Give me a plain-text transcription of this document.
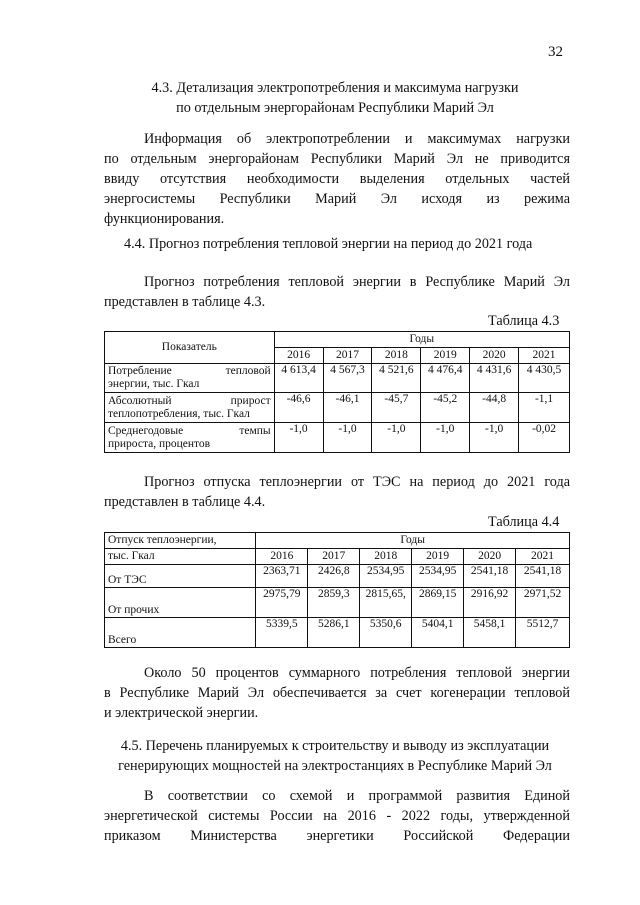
32
4.3. Детализация электропотребления и максимума нагрузки
по отдельным энергорайонам Республики Марий Эл
Информация об электропотреблении и максимумах нагрузки
по отдельным энергорайонам Республики Марий Эл не приводится
ввиду отсутствия необходимости выделения отдельных частей
энергосистемы Республики Марий Эл исходя из режима
функционирования.
4.4. Прогноз потребления тепловой энергии на период до 2021 года
Прогноз потребления тепловой энергии в Республике Марий Эл
представлен в таблице 4.3.
Таблица 4.3
Показатель	Годы					
	2016	2017	2018	2019	2020	2021

Потребление тепловой
энергии, тыс. Гкал	4 613,4	4 567,3	4 521,6	4 476,4	4 431,6	4 430,5

Абсолютный прирост
теплопотребления, тыс. Гкал	-46,6	-46,1	-45,7	-45,2	-44,8	-1,1

Среднегодовые темпы
прироста, процентов	-1,0	-1,0	-1,0	-1,0	-1,0	-0,02
Прогноз отпуска теплоэнергии от ТЭС на период до 2021 года
представлен в таблице 4.4.
Таблица 4.4
Отпуск теплоэнергии,	Годы					
тыс. Гкал	2016	2017	2018	2019	2020	2021
От ТЭС	2363,71	2426,8	2534,95	2534,95	2541,18	2541,18
От прочих	2975,79	2859,3	2815,65,	2869,15	2916,92	2971,52
Всего	5339,5	5286,1	5350,6	5404,1	5458,1	5512,7
Около 50 процентов суммарного потребления тепловой энергии
в Республике Марий Эл обеспечивается за счет когенерации тепловой
и электрической энергии.
4.5. Перечень планируемых к строительству и выводу из эксплуатации
генерирующих мощностей на электростанциях в Республике Марий Эл
В соответствии со схемой и программой развития Единой
энергетической системы России на 2016 - 2022 годы, утвержденной
приказом Министерства энергетики Российской Федерации
